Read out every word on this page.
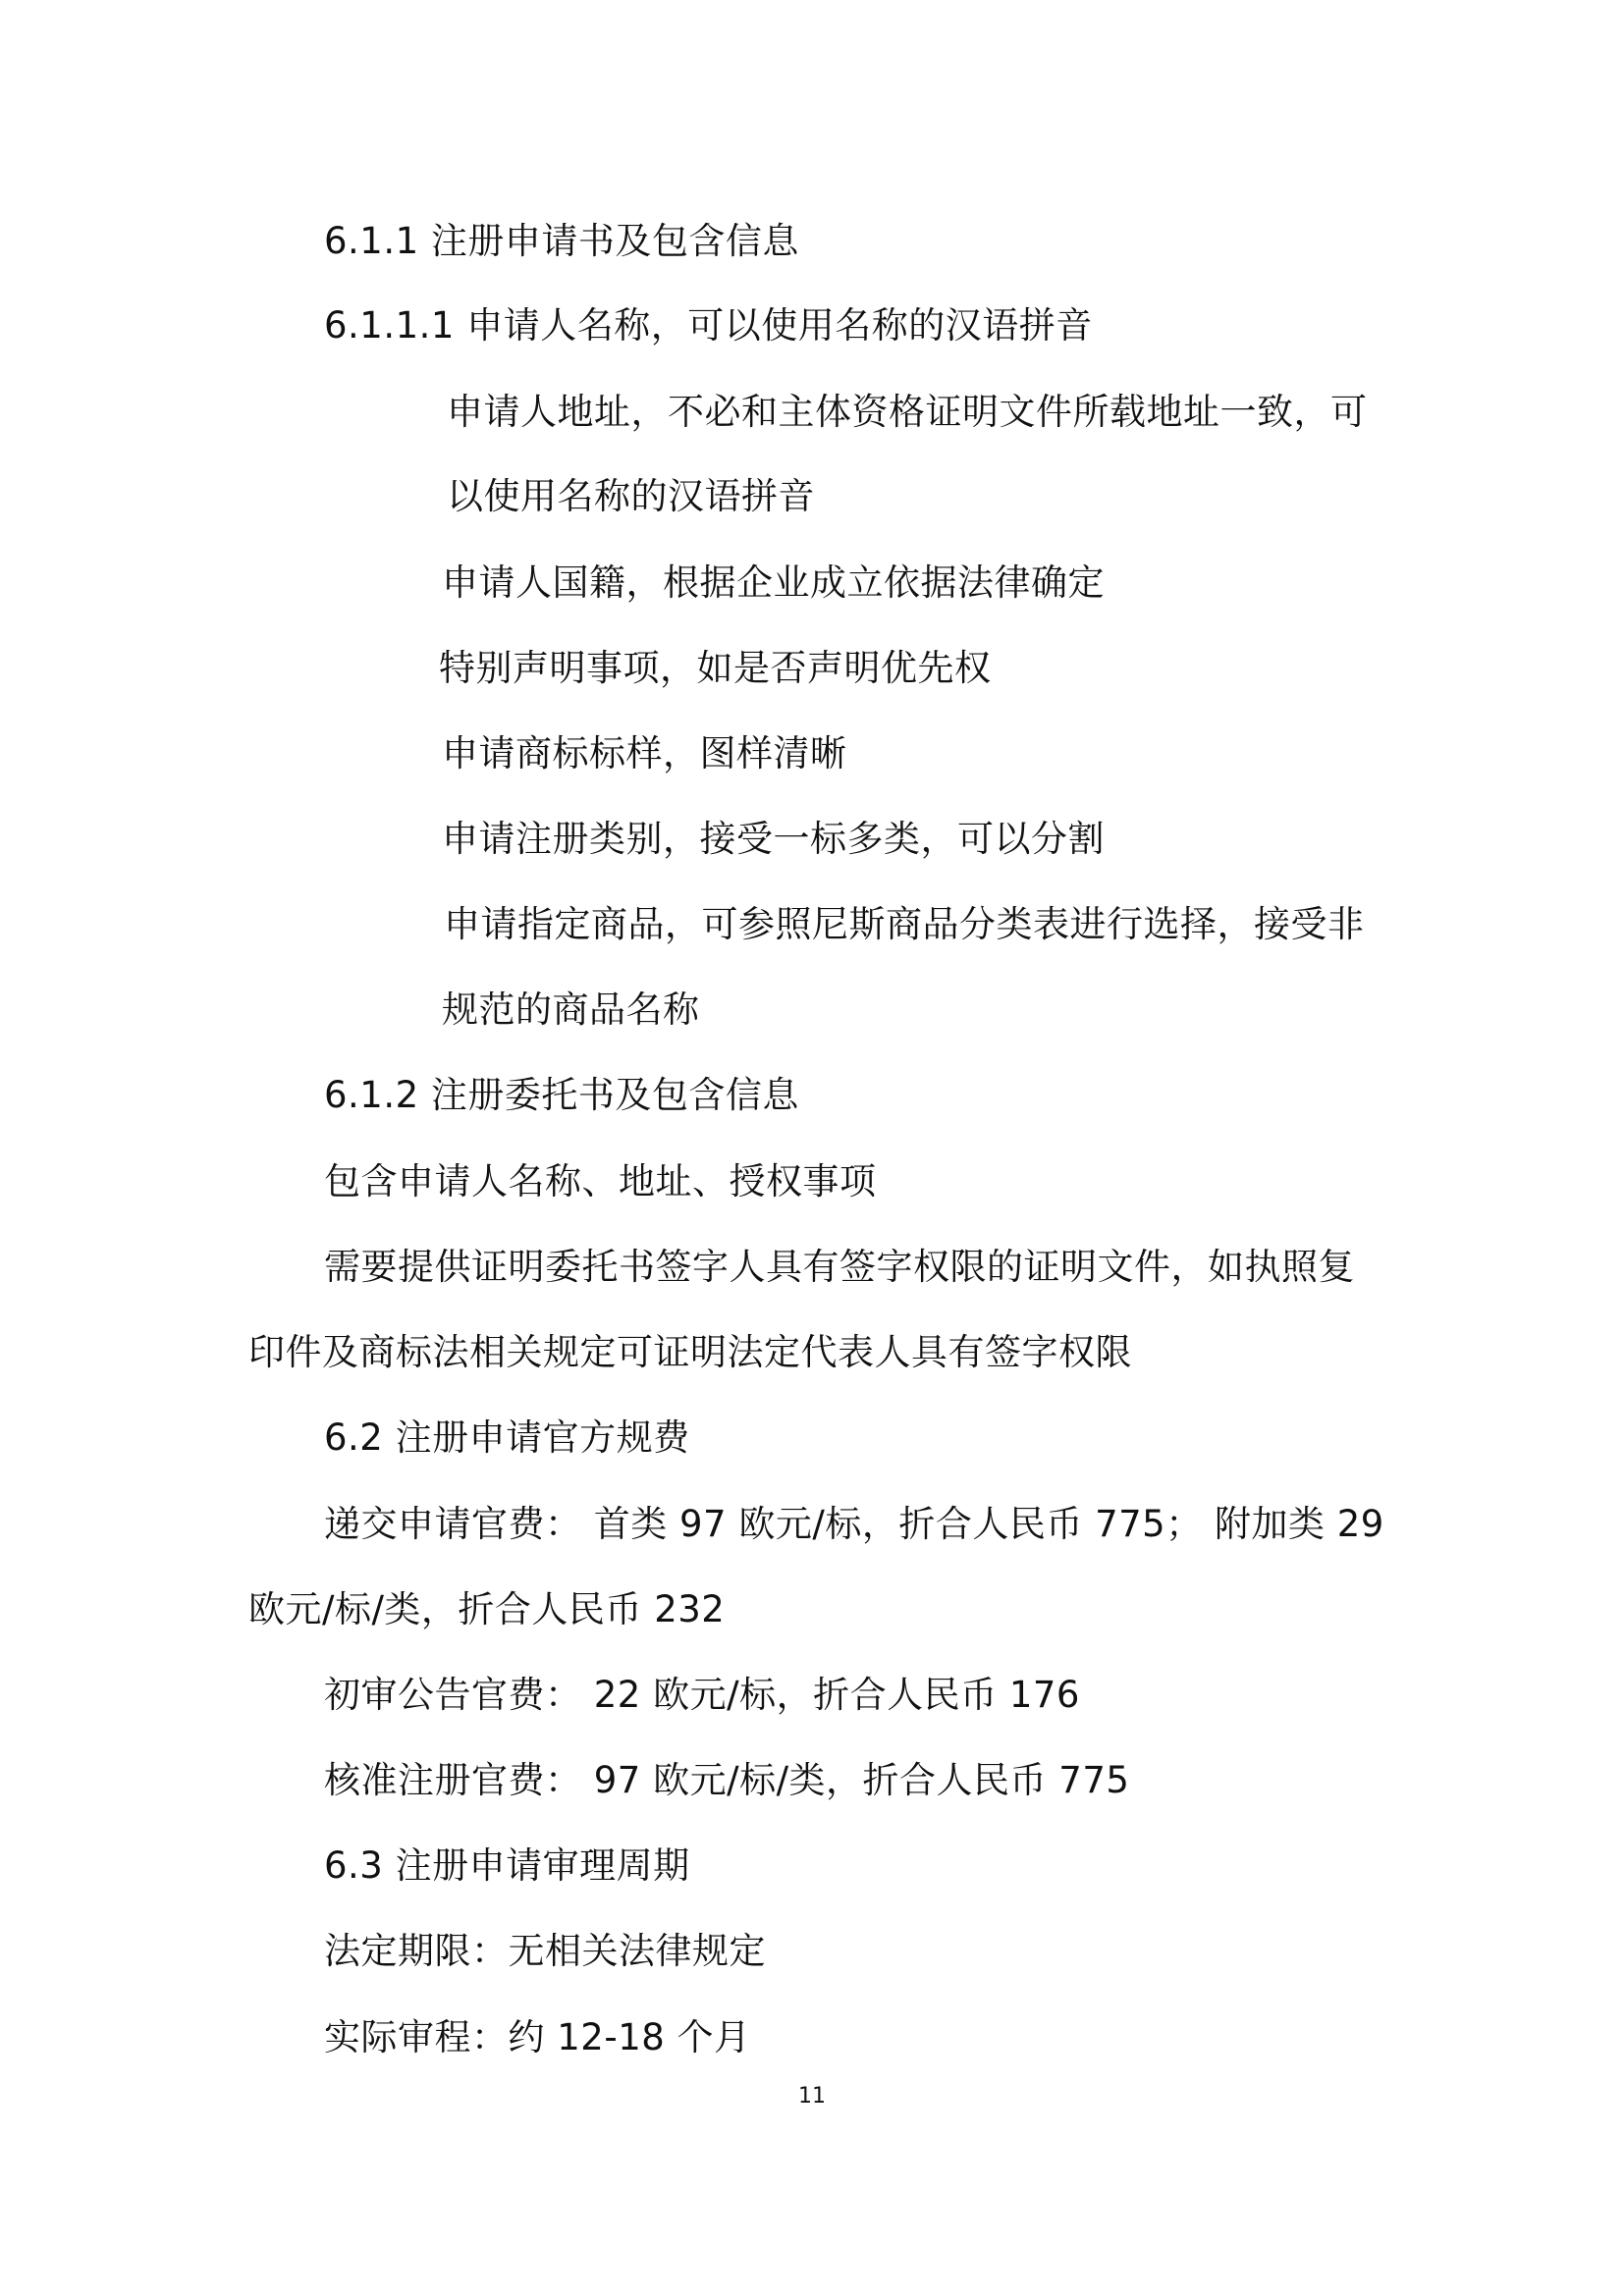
6.1.1 注册申请书及包含信息
6.1.1.1 申请人名称，可以使用名称的汉语拼音
申请人地址，不必和主体资格证明文件所载地址一致，可
以使用名称的汉语拼音
申请人国籍，根据企业成立依据法律确定
特别声明事项，如是否声明优先权
申请商标标样，图样清晰
申请注册类别，接受一标多类，可以分割
申请指定商品，可参照尼斯商品分类表进行选择，接受非
规范的商品名称
6.1.2 注册委托书及包含信息
包含申请人名称、地址、授权事项
需要提供证明委托书签字人具有签字权限的证明文件，如执照复
印件及商标法相关规定可证明法定代表人具有签字权限
6.2 注册申请官方规费
递交申请官费： 首类 97 欧元/标，折合人民币 775； 附加类 29
欧元/标/类，折合人民币 232
初审公告官费： 22 欧元/标，折合人民币 176
核准注册官费： 97 欧元/标/类，折合人民币 775
6.3 注册申请审理周期
法定期限：无相关法律规定
实际审程：约 12-18 个月
11
